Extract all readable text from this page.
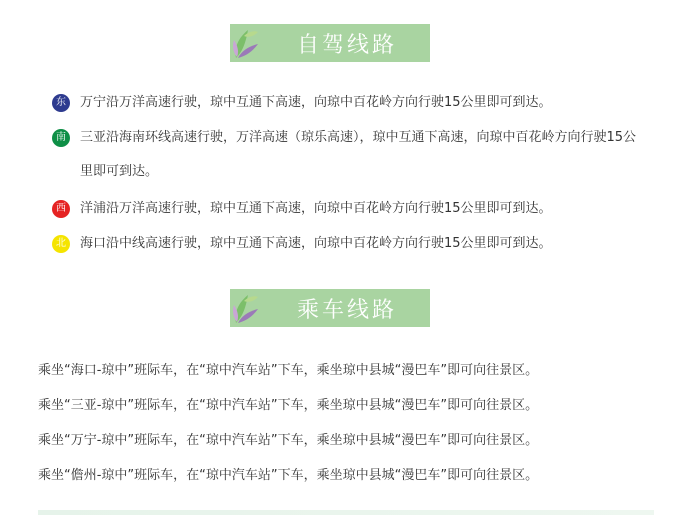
自驾线路
东	万宁沿万洋高速行驶，琼中互通下高速，向琼中百花岭方向行驶15公里即可到达。
南	三亚沿海南环线高速行驶，万洋高速（琼乐高速），琼中互通下高速，向琼中百花岭方向行驶15公里即可到达。
西	洋浦沿万洋高速行驶，琼中互通下高速，向琼中百花岭方向行驶15公里即可到达。
北	海口沿中线高速行驶，琼中互通下高速，向琼中百花岭方向行驶15公里即可到达。
乘车线路
乘坐“海口-琼中”班际车，在“琼中汽车站”下车，乘坐琼中县城“漫巴车”即可向往景区。
乘坐“三亚-琼中”班际车，在“琼中汽车站”下车，乘坐琼中县城“漫巴车”即可向往景区。
乘坐“万宁-琼中”班际车，在“琼中汽车站”下车，乘坐琼中县城“漫巴车”即可向往景区。
乘坐“儋州-琼中”班际车，在“琼中汽车站”下车，乘坐琼中县城“漫巴车”即可向往景区。
